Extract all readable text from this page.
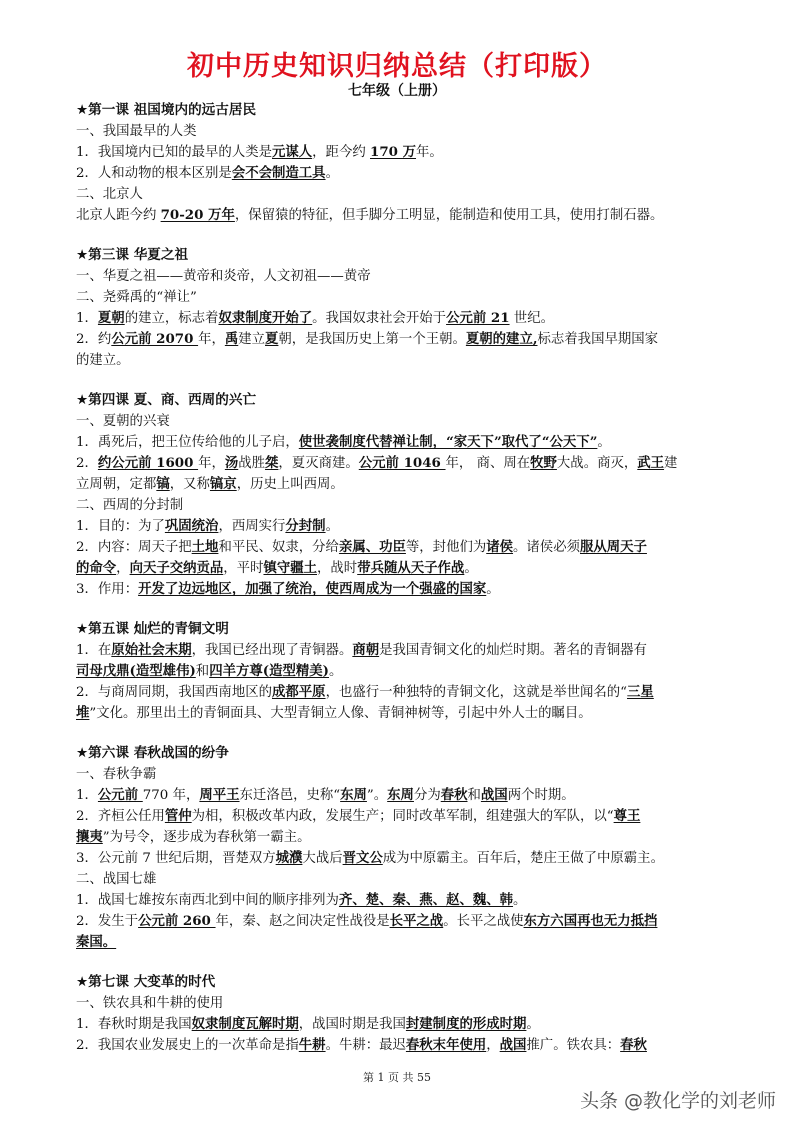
初中历史知识归纳总结（打印版）
七年级（上册）

★第一课 祖国境内的远古居民

一、我国最早的人类

1．我国境内已知的最早的人类是元谋人，距今约 170 万年。

2．人和动物的根本区别是会不会制造工具。

二、北京人

北京人距今约 70-20 万年，保留猿的特征，但手脚分工明显，能制造和使用工具，使用打制石器。

★第三课 华夏之祖

一、华夏之祖——黄帝和炎帝，人文初祖——黄帝

二、尧舜禹的“禅让”

1．夏朝的建立，标志着奴隶制度开始了。我国奴隶社会开始于公元前 21 世纪。

2．约公元前 2070 年，禹建立夏朝，是我国历史上第一个王朝。夏朝的建立,标志着我国早期国家

的建立。

★第四课 夏、商、西周的兴亡

一、夏朝的兴衰

1．禹死后，把王位传给他的儿子启，使世袭制度代替禅让制，“家天下”取代了“公天下”。

2．约公元前 1600 年，汤战胜桀，夏灭商建。公元前 1046 年， 商、周在牧野大战。商灭，武王建

立周朝，定都镐，又称镐京，历史上叫西周。

二、西周的分封制

1．目的：为了巩固统治，西周实行分封制。

2．内容：周天子把土地和平民、奴隶，分给亲属、功臣等，封他们为诸侯。诸侯必须服从周天子

的命令，向天子交纳贡品，平时镇守疆土，战时带兵随从天子作战。

3．作用：开发了边远地区，加强了统治，使西周成为一个强盛的国家。

★第五课 灿烂的青铜文明

1．在原始社会末期，我国已经出现了青铜器。商朝是我国青铜文化的灿烂时期。著名的青铜器有

司母戊鼎(造型雄伟)和四羊方尊(造型精美)。

2．与商周同期，我国西南地区的成都平原，也盛行一种独特的青铜文化，这就是举世闻名的“三星

堆”文化。那里出土的青铜面具、大型青铜立人像、青铜神树等，引起中外人士的瞩目。

★第六课 春秋战国的纷争

一、春秋争霸

1．公元前 770 年，周平王东迁洛邑，史称“东周”。东周分为春秋和战国两个时期。

2．齐桓公任用管仲为相，积极改革内政，发展生产；同时改革军制，组建强大的军队，以“尊王

攘夷”为号令，逐步成为春秋第一霸主。

3．公元前 7 世纪后期，晋楚双方城濮大战后晋文公成为中原霸主。百年后，楚庄王做了中原霸主。

二、战国七雄

1．战国七雄按东南西北到中间的顺序排列为齐、楚、秦、燕、赵、魏、韩。

2．发生于公元前 260 年，秦、赵之间决定性战役是长平之战。长平之战使东方六国再也无力抵挡

秦国。

★第七课 大变革的时代

一、铁农具和牛耕的使用

1．春秋时期是我国奴隶制度瓦解时期，战国时期是我国封建制度的形成时期。

2．我国农业发展史上的一次革命是指牛耕。牛耕：最迟春秋末年使用，战国推广。铁农具：春秋

第 1 页 共 55
头条 @教化学的刘老师
